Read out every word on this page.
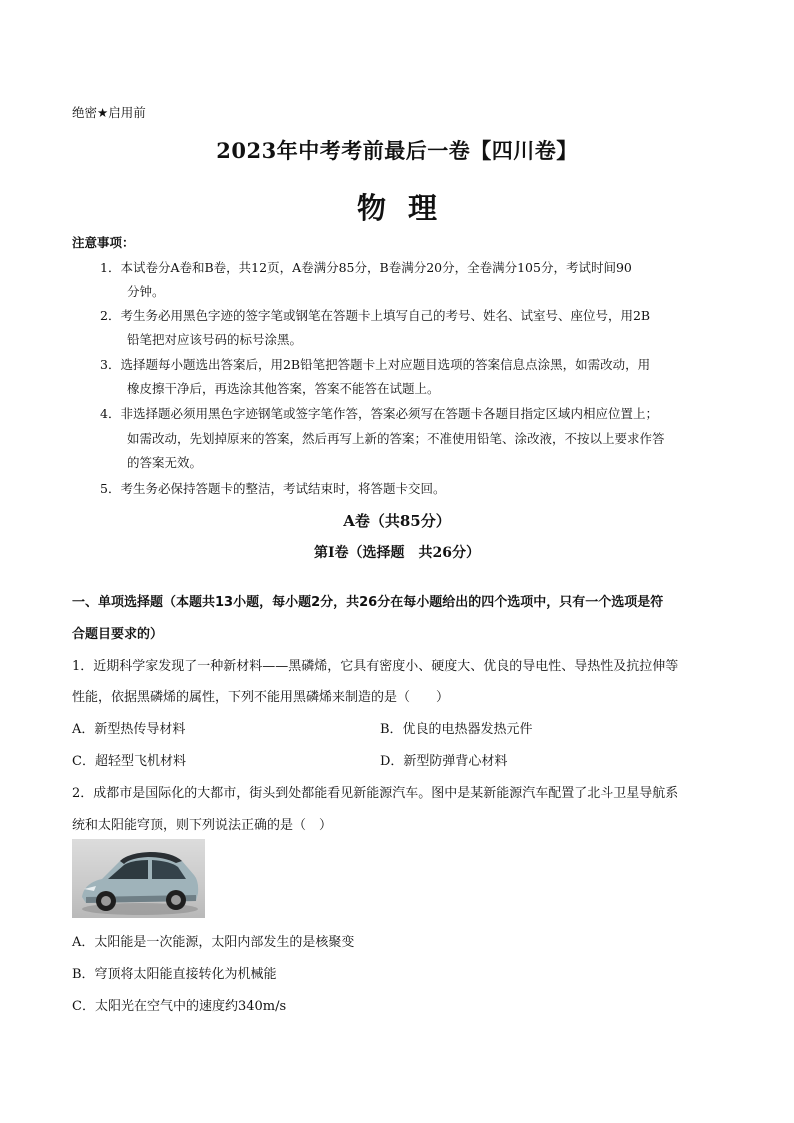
绝密★启用前
2023年中考考前最后一卷【四川卷】
物理
注意事项：
1．本试卷分A卷和B卷，共12页，A卷满分85分，B卷满分20分，全卷满分105分，考试时间90
分钟。
2．考生务必用黑色字迹的签字笔或钢笔在答题卡上填写自己的考号、姓名、试室号、座位号，用2B
铅笔把对应该号码的标号涂黑。
3．选择题每小题选出答案后，用2B铅笔把答题卡上对应题目选项的答案信息点涂黑，如需改动，用
橡皮擦干净后，再选涂其他答案，答案不能答在试题上。
4．非选择题必须用黑色字迹钢笔或签字笔作答，答案必须写在答题卡各题目指定区域内相应位置上；
如需改动，先划掉原来的答案，然后再写上新的答案；不准使用铅笔、涂改液，不按以上要求作答
的答案无效。
5．考生务必保持答题卡的整洁，考试结束时，将答题卡交回。
A卷（共85分）
第Ⅰ卷（选择题　共26分）
一、单项选择题（本题共13小题，每小题2分，共26分在每小题给出的四个选项中，只有一个选项是符
合题目要求的）
1．近期科学家发现了一种新材料——黑磷烯，它具有密度小、硬度大、优良的导电性、导热性及抗拉伸等
性能，依据黑磷烯的属性，下列不能用黑磷烯来制造的是（　　）
A．新型热传导材料	B．优良的电热器发热元件
C．超轻型飞机材料	D．新型防弹背心材料
2．成都市是国际化的大都市，街头到处都能看见新能源汽车。图中是某新能源汽车配置了北斗卫星导航系
统和太阳能穹顶，则下列说法正确的是（　）
A．太阳能是一次能源，太阳内部发生的是核聚变
B．穹顶将太阳能直接转化为机械能
C．太阳光在空气中的速度约340m/s
